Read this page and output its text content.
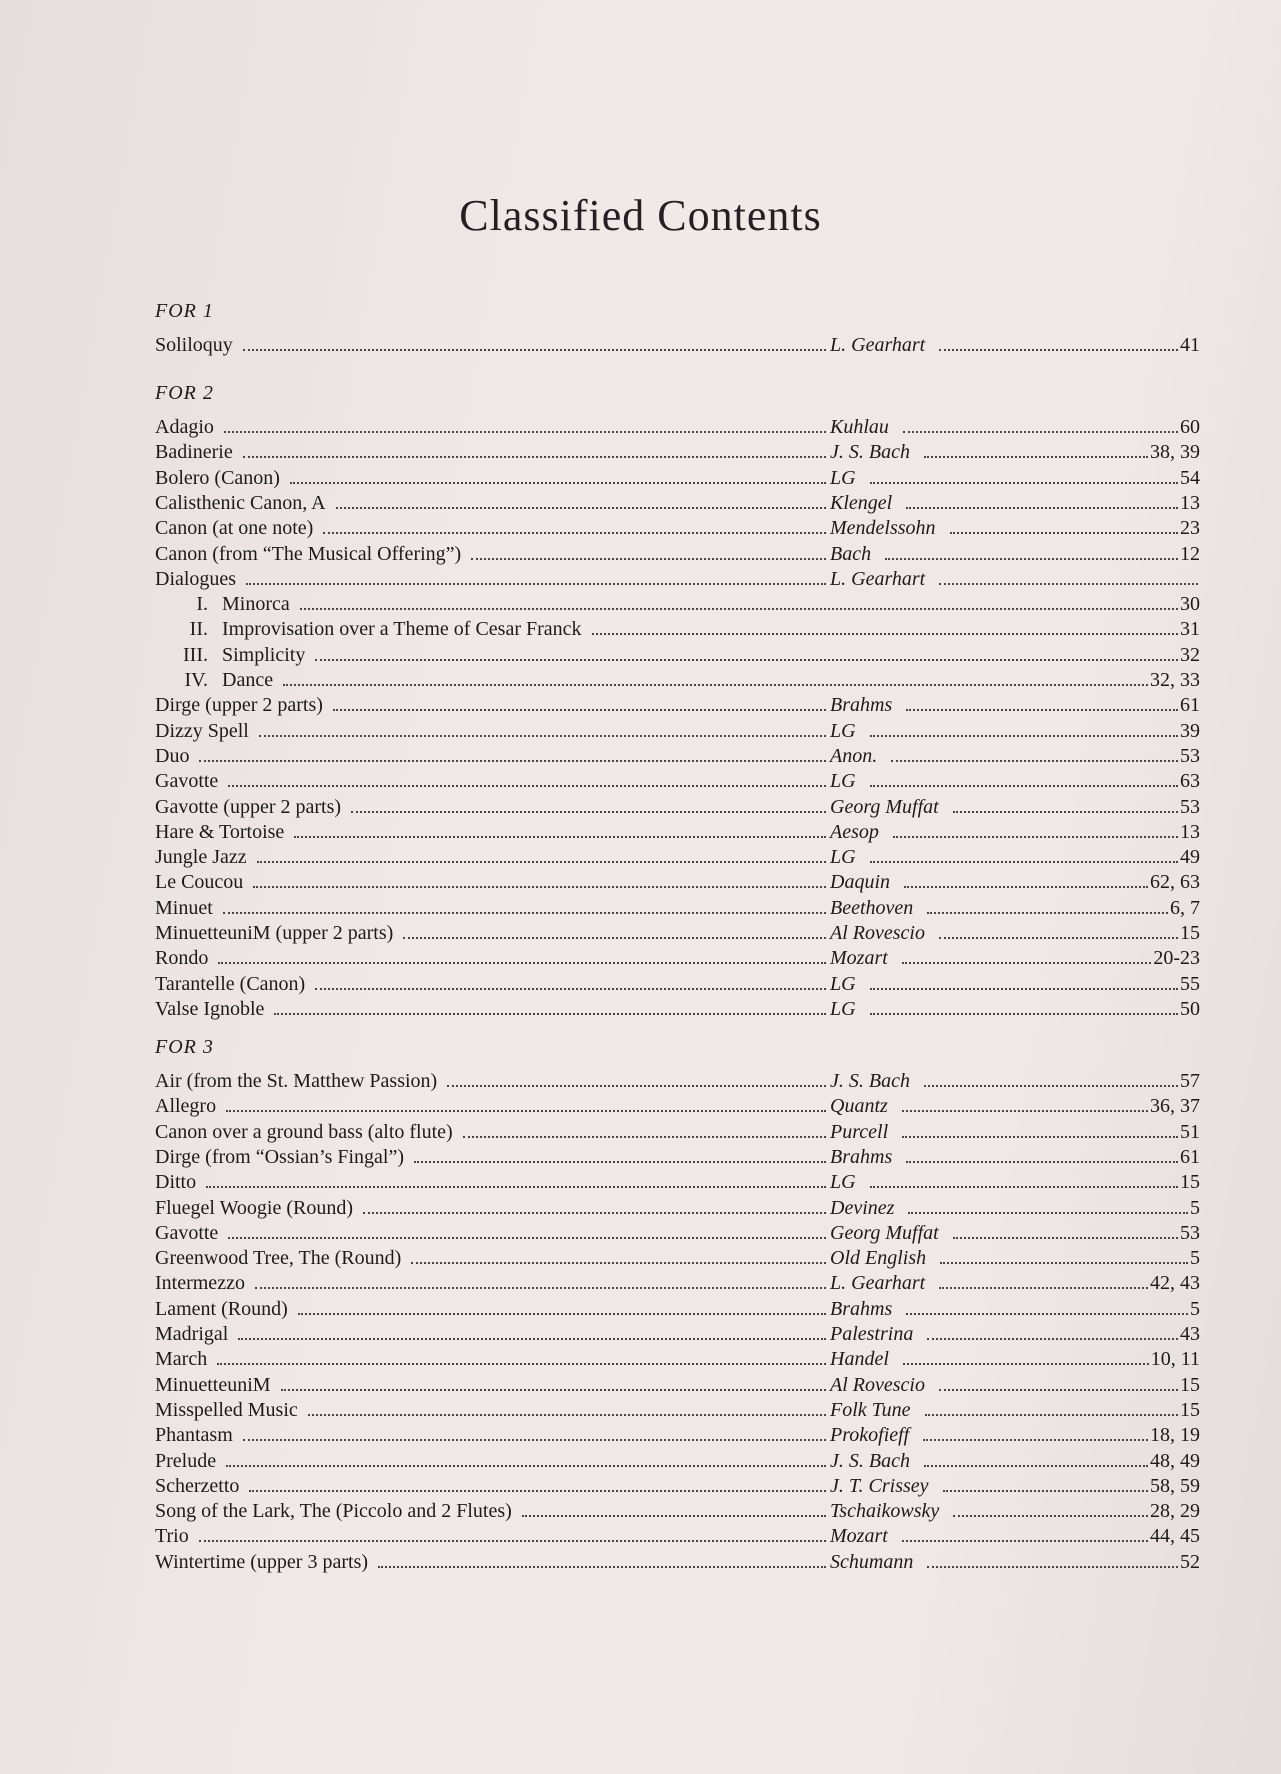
Classified Contents
FOR 1
Soliloquy	L. Gearhart	41
FOR 2
Adagio	Kuhlau	60
Badinerie	J. S. Bach	38, 39
Bolero (Canon)	LG	54
Calisthenic Canon, A	Klengel	13
Canon (at one note)	Mendelssohn	23
Canon (from “The Musical Offering”)	Bach	12
Dialogues	L. Gearhart
I. Minorca	30
II. Improvisation over a Theme of Cesar Franck	31
III. Simplicity	32
IV. Dance	32, 33
Dirge (upper 2 parts)	Brahms	61
Dizzy Spell	LG	39
Duo	Anon.	53
Gavotte	LG	63
Gavotte (upper 2 parts)	Georg Muffat	53
Hare & Tortoise	Aesop	13
Jungle Jazz	LG	49
Le Coucou	Daquin	62, 63
Minuet	Beethoven	6, 7
MinuetteuniM (upper 2 parts)	Al Rovescio	15
Rondo	Mozart	20-23
Tarantelle (Canon)	LG	55
Valse Ignoble	LG	50
FOR 3
Air (from the St. Matthew Passion)	J. S. Bach	57
Allegro	Quantz	36, 37
Canon over a ground bass (alto flute)	Purcell	51
Dirge (from “Ossian’s Fingal”)	Brahms	61
Ditto	LG	15
Fluegel Woogie (Round)	Devinez	5
Gavotte	Georg Muffat	53
Greenwood Tree, The (Round)	Old English	5
Intermezzo	L. Gearhart	42, 43
Lament (Round)	Brahms	5
Madrigal	Palestrina	43
March	Handel	10, 11
MinuetteuniM	Al Rovescio	15
Misspelled Music	Folk Tune	15
Phantasm	Prokofieff	18, 19
Prelude	J. S. Bach	48, 49
Scherzetto	J. T. Crissey	58, 59
Song of the Lark, The (Piccolo and 2 Flutes)	Tschaikowsky	28, 29
Trio	Mozart	44, 45
Wintertime (upper 3 parts)	Schumann	52
